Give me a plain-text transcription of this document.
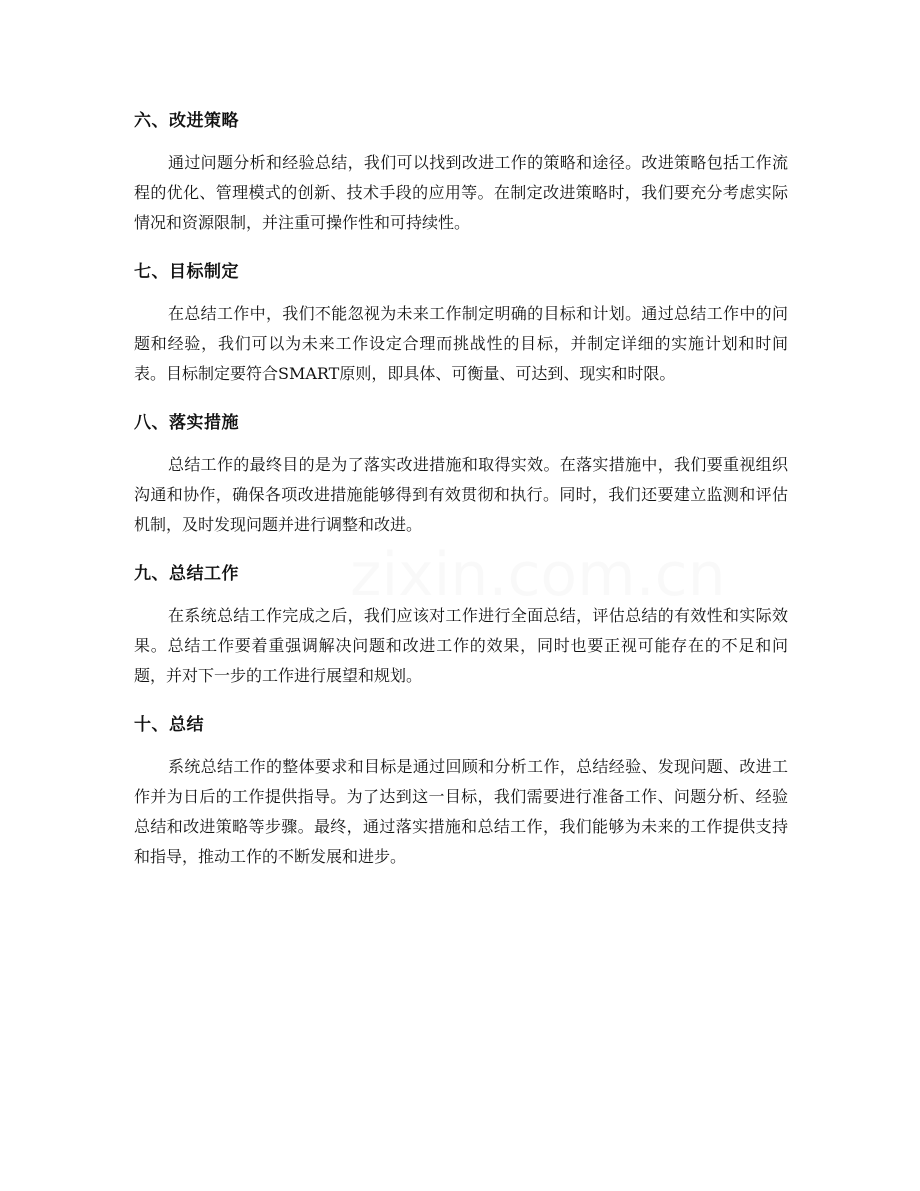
六、改进策略

通过问题分析和经验总结，我们可以找到改进工作的策略和途径。改进策略包括工作流程的优化、管理模式的创新、技术手段的应用等。在制定改进策略时，我们要充分考虑实际情况和资源限制，并注重可操作性和可持续性。

七、目标制定

在总结工作中，我们不能忽视为未来工作制定明确的目标和计划。通过总结工作中的问题和经验，我们可以为未来工作设定合理而挑战性的目标，并制定详细的实施计划和时间表。目标制定要符合SMART原则，即具体、可衡量、可达到、现实和时限。

八、落实措施

总结工作的最终目的是为了落实改进措施和取得实效。在落实措施中，我们要重视组织沟通和协作，确保各项改进措施能够得到有效贯彻和执行。同时，我们还要建立监测和评估机制，及时发现问题并进行调整和改进。

九、总结工作

在系统总结工作完成之后，我们应该对工作进行全面总结，评估总结的有效性和实际效果。总结工作要着重强调解决问题和改进工作的效果，同时也要正视可能存在的不足和问题，并对下一步的工作进行展望和规划。

十、总结

系统总结工作的整体要求和目标是通过回顾和分析工作，总结经验、发现问题、改进工作并为日后的工作提供指导。为了达到这一目标，我们需要进行准备工作、问题分析、经验总结和改进策略等步骤。最终，通过落实措施和总结工作，我们能够为未来的工作提供支持和指导，推动工作的不断发展和进步。
